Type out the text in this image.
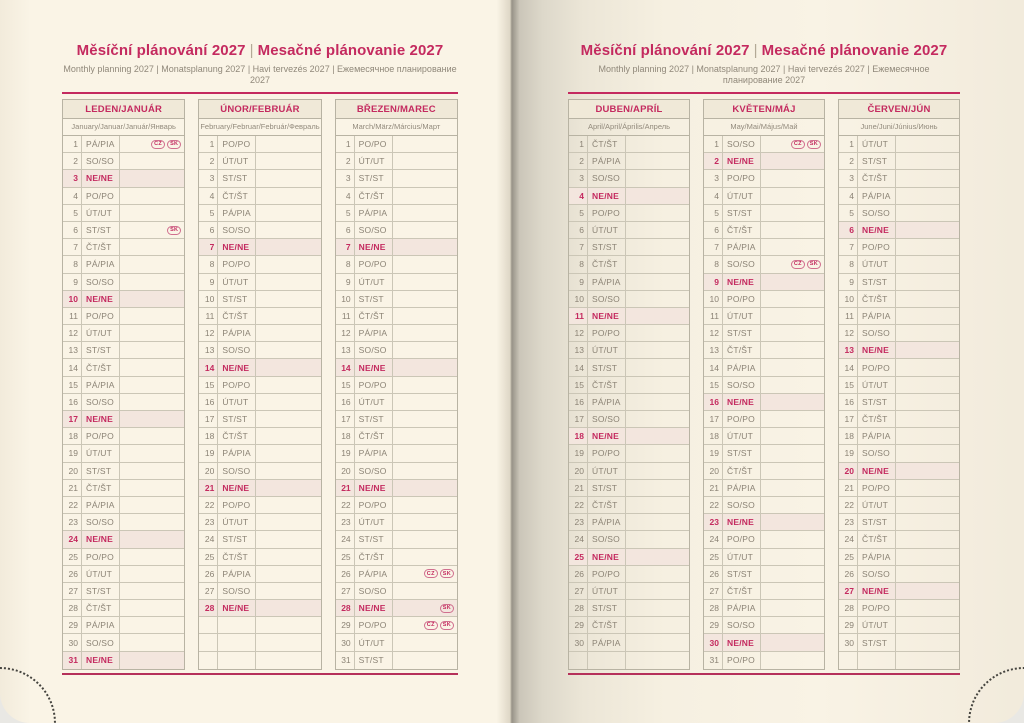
Měsíční plánování 2027 | Mesačné plánovanie 2027
Monthly planning 2027 | Monatsplanung 2027 | Havi tervezés 2027 | Ежемесячное планирование 2027
LEDEN/JANUÁR
January/Januar/Január/Январь
1 PÁ/PIA	CZ	SK
2 SO/SO
3 NE/NE
4 PO/PO
5 ÚT/UT
6 ST/ST	SK
7 ČT/ŠT
8 PÁ/PIA
9 SO/SO
10 NE/NE
11 PO/PO
12 ÚT/UT
13 ST/ST
14 ČT/ŠT
15 PÁ/PIA
16 SO/SO
17 NE/NE
18 PO/PO
19 ÚT/UT
20 ST/ST
21 ČT/ŠT
22 PÁ/PIA
23 SO/SO
24 NE/NE
25 PO/PO
26 ÚT/UT
27 ST/ST
28 ČT/ŠT
29 PÁ/PIA
30 SO/SO
31 NE/NE
ÚNOR/FEBRUÁR
February/Februar/Február/Февраль
1 PO/PO
2 ÚT/UT
3 ST/ST
4 ČT/ŠT
5 PÁ/PIA
6 SO/SO
7 NE/NE
8 PO/PO
9 ÚT/UT
10 ST/ST
11 ČT/ŠT
12 PÁ/PIA
13 SO/SO
14 NE/NE
15 PO/PO
16 ÚT/UT
17 ST/ST
18 ČT/ŠT
19 PÁ/PIA
20 SO/SO
21 NE/NE
22 PO/PO
23 ÚT/UT
24 ST/ST
25 ČT/ŠT
26 PÁ/PIA
27 SO/SO
28 NE/NE
BŘEZEN/MAREC
March/März/Március/Март
1 PO/PO
2 ÚT/UT
3 ST/ST
4 ČT/ŠT
5 PÁ/PIA
6 SO/SO
7 NE/NE
8 PO/PO
9 ÚT/UT
10 ST/ST
11 ČT/ŠT
12 PÁ/PIA
13 SO/SO
14 NE/NE
15 PO/PO
16 ÚT/UT
17 ST/ST
18 ČT/ŠT
19 PÁ/PIA
20 SO/SO
21 NE/NE
22 PO/PO
23 ÚT/UT
24 ST/ST
25 ČT/ŠT
26 PÁ/PIA	CZ	SK
27 SO/SO
28 NE/NE	SK
29 PO/PO	CZ	SK
30 ÚT/UT
31 ST/ST
Měsíční plánování 2027 | Mesačné plánovanie 2027
Monthly planning 2027 | Monatsplanung 2027 | Havi tervezés 2027 | Ежемесячное планирование 2027
DUBEN/APRÍL
April/April/Április/Апрель
1 ČT/ŠT
2 PÁ/PIA
3 SO/SO
4 NE/NE
5 PO/PO
6 ÚT/UT
7 ST/ST
8 ČT/ŠT
9 PÁ/PIA
10 SO/SO
11 NE/NE
12 PO/PO
13 ÚT/UT
14 ST/ST
15 ČT/ŠT
16 PÁ/PIA
17 SO/SO
18 NE/NE
19 PO/PO
20 ÚT/UT
21 ST/ST
22 ČT/ŠT
23 PÁ/PIA
24 SO/SO
25 NE/NE
26 PO/PO
27 ÚT/UT
28 ST/ST
29 ČT/ŠT
30 PÁ/PIA
KVĚTEN/MÁJ
May/Mai/Május/Май
1 SO/SO	CZ	SK
2 NE/NE
3 PO/PO
4 ÚT/UT
5 ST/ST
6 ČT/ŠT
7 PÁ/PIA
8 SO/SO	CZ	SK
9 NE/NE
10 PO/PO
11 ÚT/UT
12 ST/ST
13 ČT/ŠT
14 PÁ/PIA
15 SO/SO
16 NE/NE
17 PO/PO
18 ÚT/UT
19 ST/ST
20 ČT/ŠT
21 PÁ/PIA
22 SO/SO
23 NE/NE
24 PO/PO
25 ÚT/UT
26 ST/ST
27 ČT/ŠT
28 PÁ/PIA
29 SO/SO
30 NE/NE
31 PO/PO
ČERVEN/JÚN
June/Juni/Június/Июнь
1 ÚT/UT
2 ST/ST
3 ČT/ŠT
4 PÁ/PIA
5 SO/SO
6 NE/NE
7 PO/PO
8 ÚT/UT
9 ST/ST
10 ČT/ŠT
11 PÁ/PIA
12 SO/SO
13 NE/NE
14 PO/PO
15 ÚT/UT
16 ST/ST
17 ČT/ŠT
18 PÁ/PIA
19 SO/SO
20 NE/NE
21 PO/PO
22 ÚT/UT
23 ST/ST
24 ČT/ŠT
25 PÁ/PIA
26 SO/SO
27 NE/NE
28 PO/PO
29 ÚT/UT
30 ST/ST
